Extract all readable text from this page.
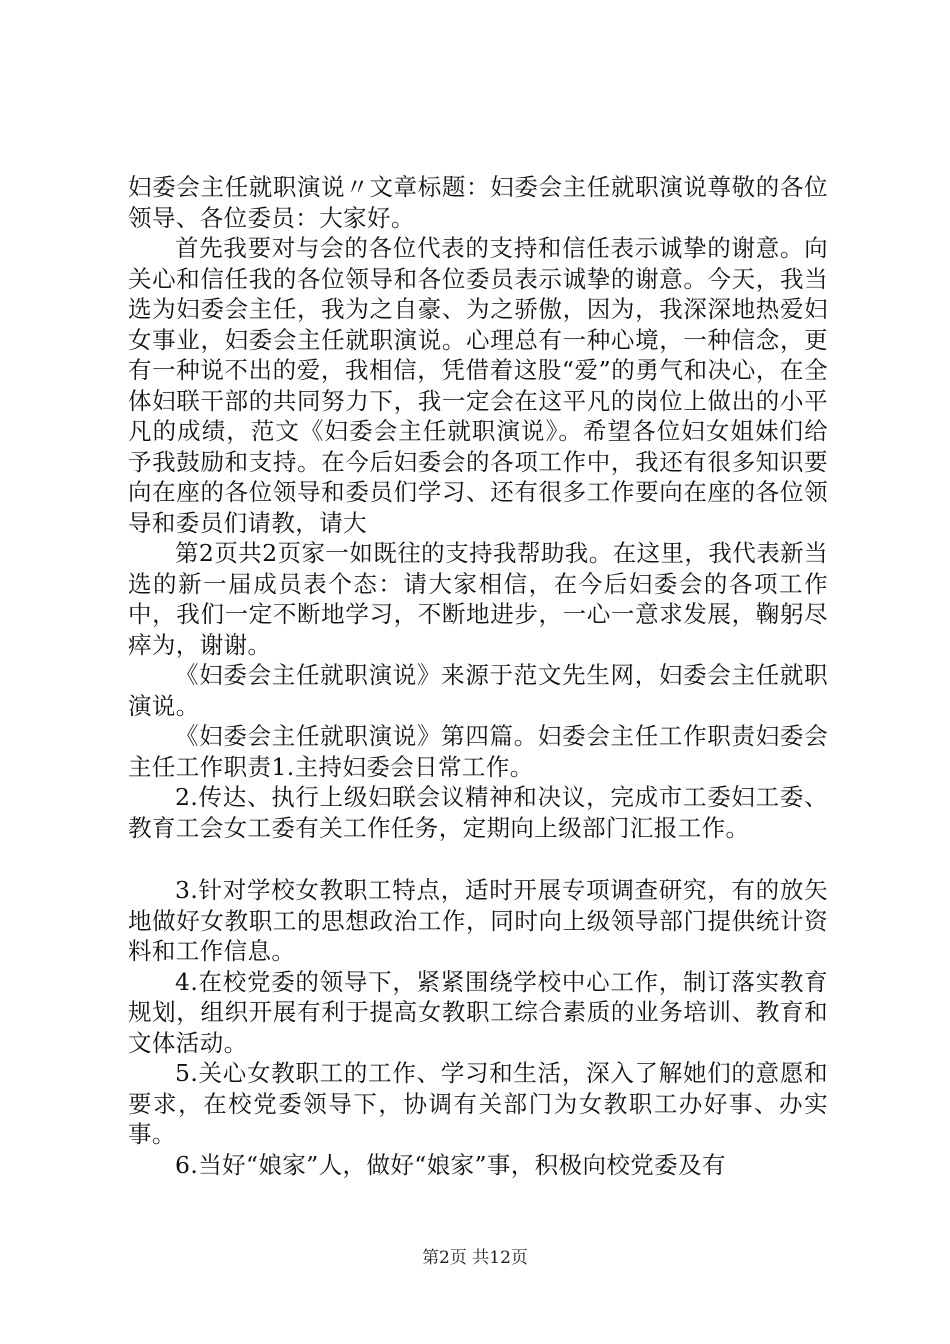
妇委会主任就职演说〃文章标题：妇委会主任就职演说尊敬的各位领导、各位委员：大家好。

首先我要对与会的各位代表的支持和信任表示诚挚的谢意。向关心和信任我的各位领导和各位委员表示诚挚的谢意。今天，我当选为妇委会主任，我为之自豪、为之骄傲，因为，我深深地热爱妇女事业，妇委会主任就职演说。心理总有一种心境，一种信念，更有一种说不出的爱，我相信，凭借着这股“爱”的勇气和决心，在全体妇联干部的共同努力下，我一定会在这平凡的岗位上做出的小平凡的成绩，范文《妇委会主任就职演说》。希望各位妇女姐妹们给予我鼓励和支持。在今后妇委会的各项工作中，我还有很多知识要向在座的各位领导和委员们学习、还有很多工作要向在座的各位领导和委员们请教，请大

第2页共2页家一如既往的支持我帮助我。在这里，我代表新当选的新一届成员表个态：请大家相信，在今后妇委会的各项工作中，我们一定不断地学习，不断地进步，一心一意求发展，鞠躬尽瘁为，谢谢。

《妇委会主任就职演说》来源于范文先生网，妇委会主任就职演说。

《妇委会主任就职演说》第四篇。妇委会主任工作职责妇委会主任工作职责1.主持妇委会日常工作。

2.传达、执行上级妇联会议精神和决议，完成市工委妇工委、教育工会女工委有关工作任务，定期向上级部门汇报工作。

3.针对学校女教职工特点，适时开展专项调查研究，有的放矢地做好女教职工的思想政治工作，同时向上级领导部门提供统计资料和工作信息。

4.在校党委的领导下，紧紧围绕学校中心工作，制订落实教育规划，组织开展有利于提高女教职工综合素质的业务培训、教育和文体活动。

5.关心女教职工的工作、学习和生活，深入了解她们的意愿和要求，在校党委领导下，协调有关部门为女教职工办好事、办实事。

6.当好“娘家”人，做好“娘家”事，积极向校党委及有

第2页 共12页
